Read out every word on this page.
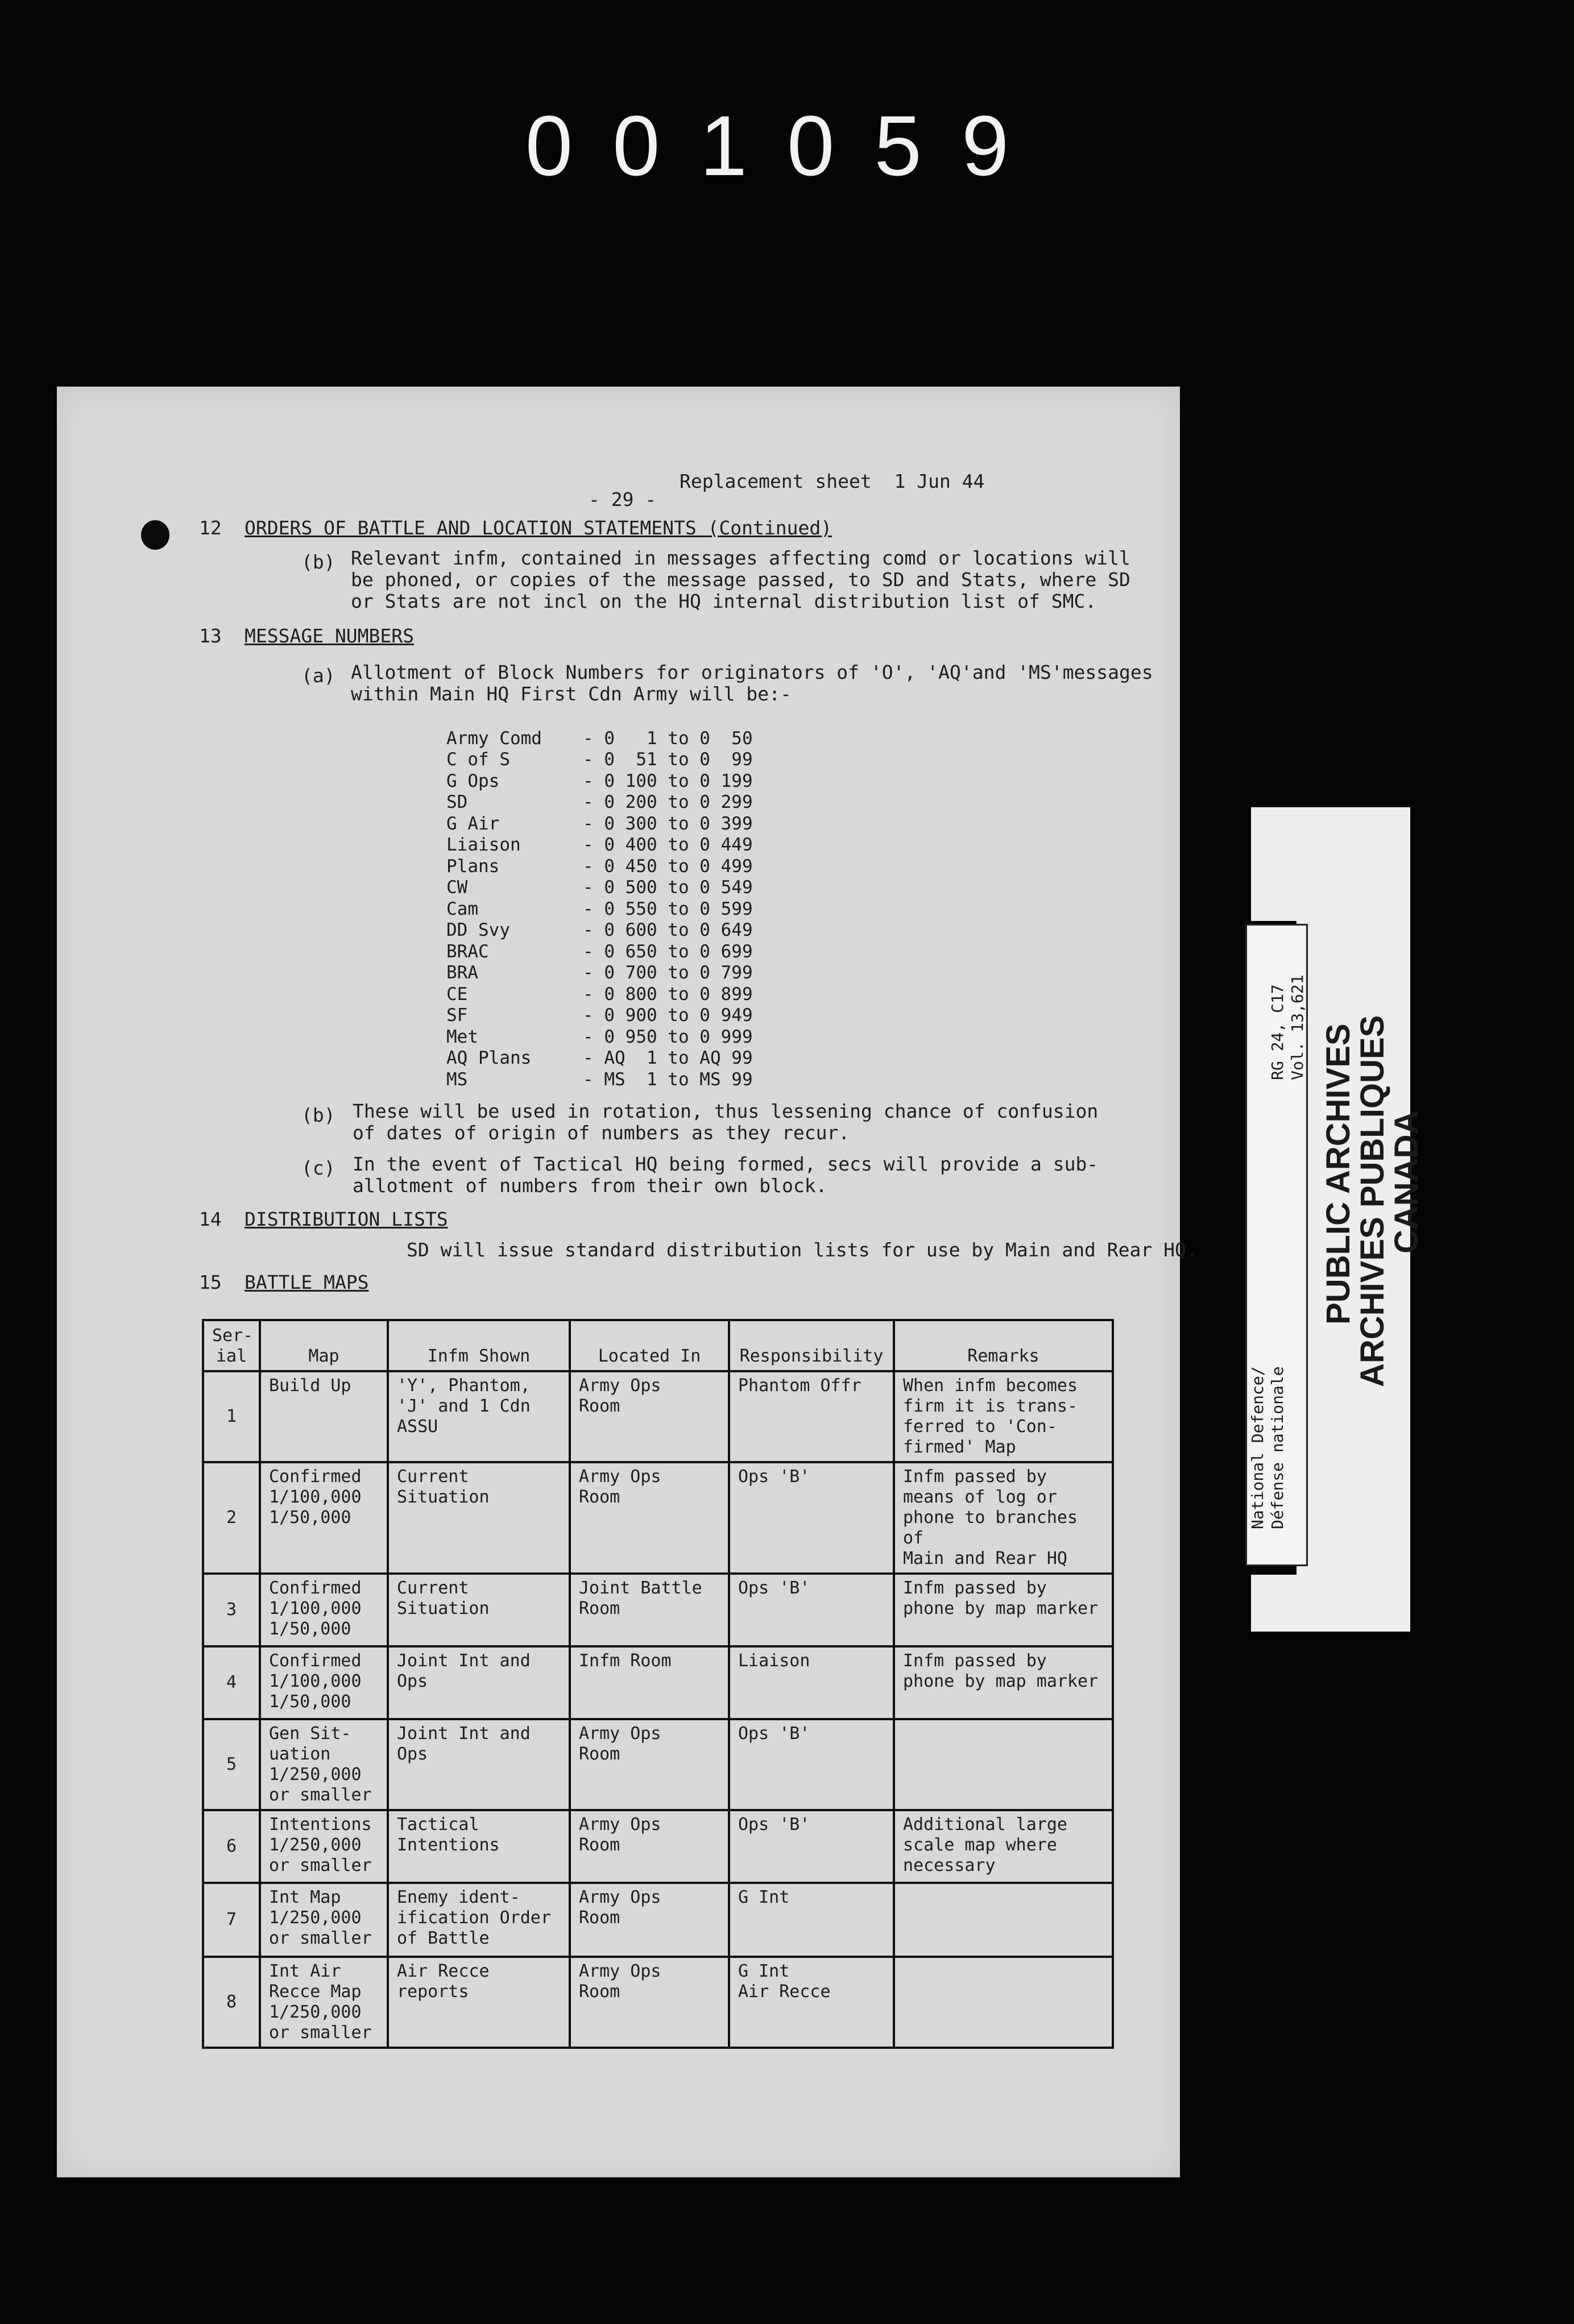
001059
Replacement sheet  1 Jun 44
- 29 -
12 ORDERS OF BATTLE AND LOCATION STATEMENTS (Continued)
(b) Relevant infm, contained in messages affecting comd or locations will
be phoned, or copies of the message passed, to SD and Stats, where SD
or Stats are not incl on the HQ internal distribution list of SMC.
13 MESSAGE NUMBERS
(a) Allotment of Block Numbers for originators of 'O', 'AQ'and 'MS'messages
within Main HQ First Cdn Army will be:-
Army Comd	- 0   1 to 0  50
C of S	- 0  51 to 0  99
G Ops	- 0 100 to 0 199
SD	- 0 200 to 0 299
G Air	- 0 300 to 0 399
Liaison	- 0 400 to 0 449
Plans	- 0 450 to 0 499
CW	- 0 500 to 0 549
Cam	- 0 550 to 0 599
DD Svy	- 0 600 to 0 649
BRAC	- 0 650 to 0 699
BRA	- 0 700 to 0 799
CE	- 0 800 to 0 899
SF	- 0 900 to 0 949
Met	- 0 950 to 0 999
AQ Plans	- AQ  1 to AQ 99
MS	- MS  1 to MS 99
(b) These will be used in rotation, thus lessening chance of confusion
of dates of origin of numbers as they recur.
(c) In the event of Tactical HQ being formed, secs will provide a sub-
allotment of numbers from their own block.
14 DISTRIBUTION LISTS
SD will issue standard distribution lists for use by Main and Rear HQ.
15 BATTLE MAPS
Ser-
ial	Map	Infm Shown	Located In	Responsibility	Remarks
1	Build Up	'Y', Phantom,
'J' and 1 Cdn
ASSU	Army Ops
Room	Phantom Offr	When infm becomes
firm it is trans-
ferred to 'Con-
firmed' Map
2	Confirmed
1/100,000
1/50,000	Current
Situation	Army Ops
Room	Ops 'B'	Infm passed by
means of log or
phone to branches of
Main and Rear HQ
3	Confirmed
1/100,000
1/50,000	Current
Situation	Joint Battle
Room	Ops 'B'	Infm passed by
phone by map marker
4	Confirmed
1/100,000
1/50,000	Joint Int and
Ops	Infm Room	Liaison	Infm passed by
phone by map marker
5	Gen Sit-
uation
1/250,000
or smaller	Joint Int and
Ops	Army Ops
Room	Ops 'B'	
6	Intentions
1/250,000
or smaller	Tactical
Intentions	Army Ops
Room	Ops 'B'	Additional large
scale map where
necessary
7	Int Map
1/250,000
or smaller	Enemy ident-
ification Order
of Battle	Army Ops
Room	G Int	
8	Int Air
Recce Map
1/250,000
or smaller	Air Recce
reports	Army Ops
Room	G Int
Air Recce	
RG 24, C17 Vol. 13,621
National Defence/ Défense nationale
PUBLIC ARCHIVES
ARCHIVES PUBLIQUES
CANADA
